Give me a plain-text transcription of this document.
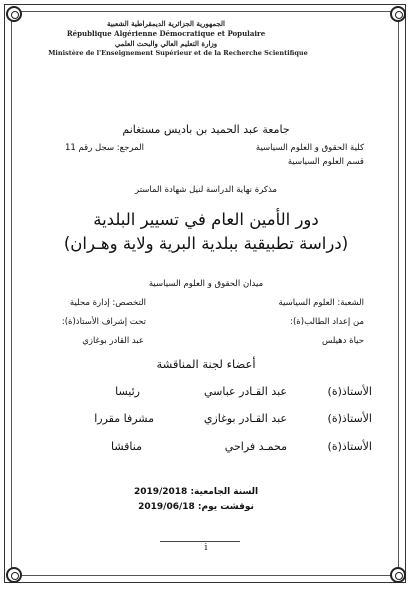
الجمهورية الجزائرية الديمقراطية الشعبية
République Algérienne Démocratique et Populaire
وزارة التعليم العالي والبحث العلمي
Ministère de l'Enseignement Supérieur et de la Recherche Scientifique
جامعة عبد الحميد بن باديس مستغانم
كلية الحقوق و العلوم السياسية
المرجع: سجل رقم 11
قسم العلوم السياسية
مذكرة نهاية الدراسة لنيل شهادة الماستر
دور الأمين العام في تسيير البلدية
(دراسة تطبيقية ببلدية البرية ولاية وهـران)
ميدان الحقوق و العلوم السياسية
الشعبة: العلوم السياسية
التخصص: إدارة محلية
من إعداد الطالب(ة):
تحت إشراف الأستاذ(ة):
حياة دهيلس
عبد القادر بوغازي
أعضاء لجنة المناقشة
الأستاذ(ة)
عبد القـادر عباسي
رئيسا
الأستاذ(ة)
عبد القـادر بوغازي
مشرفا مقررا
الأستاذ(ة)
محمـد فراحي
مناقشا
السنة الجامعية: 2019/2018
نوقشت يوم: 2019/06/18
i
